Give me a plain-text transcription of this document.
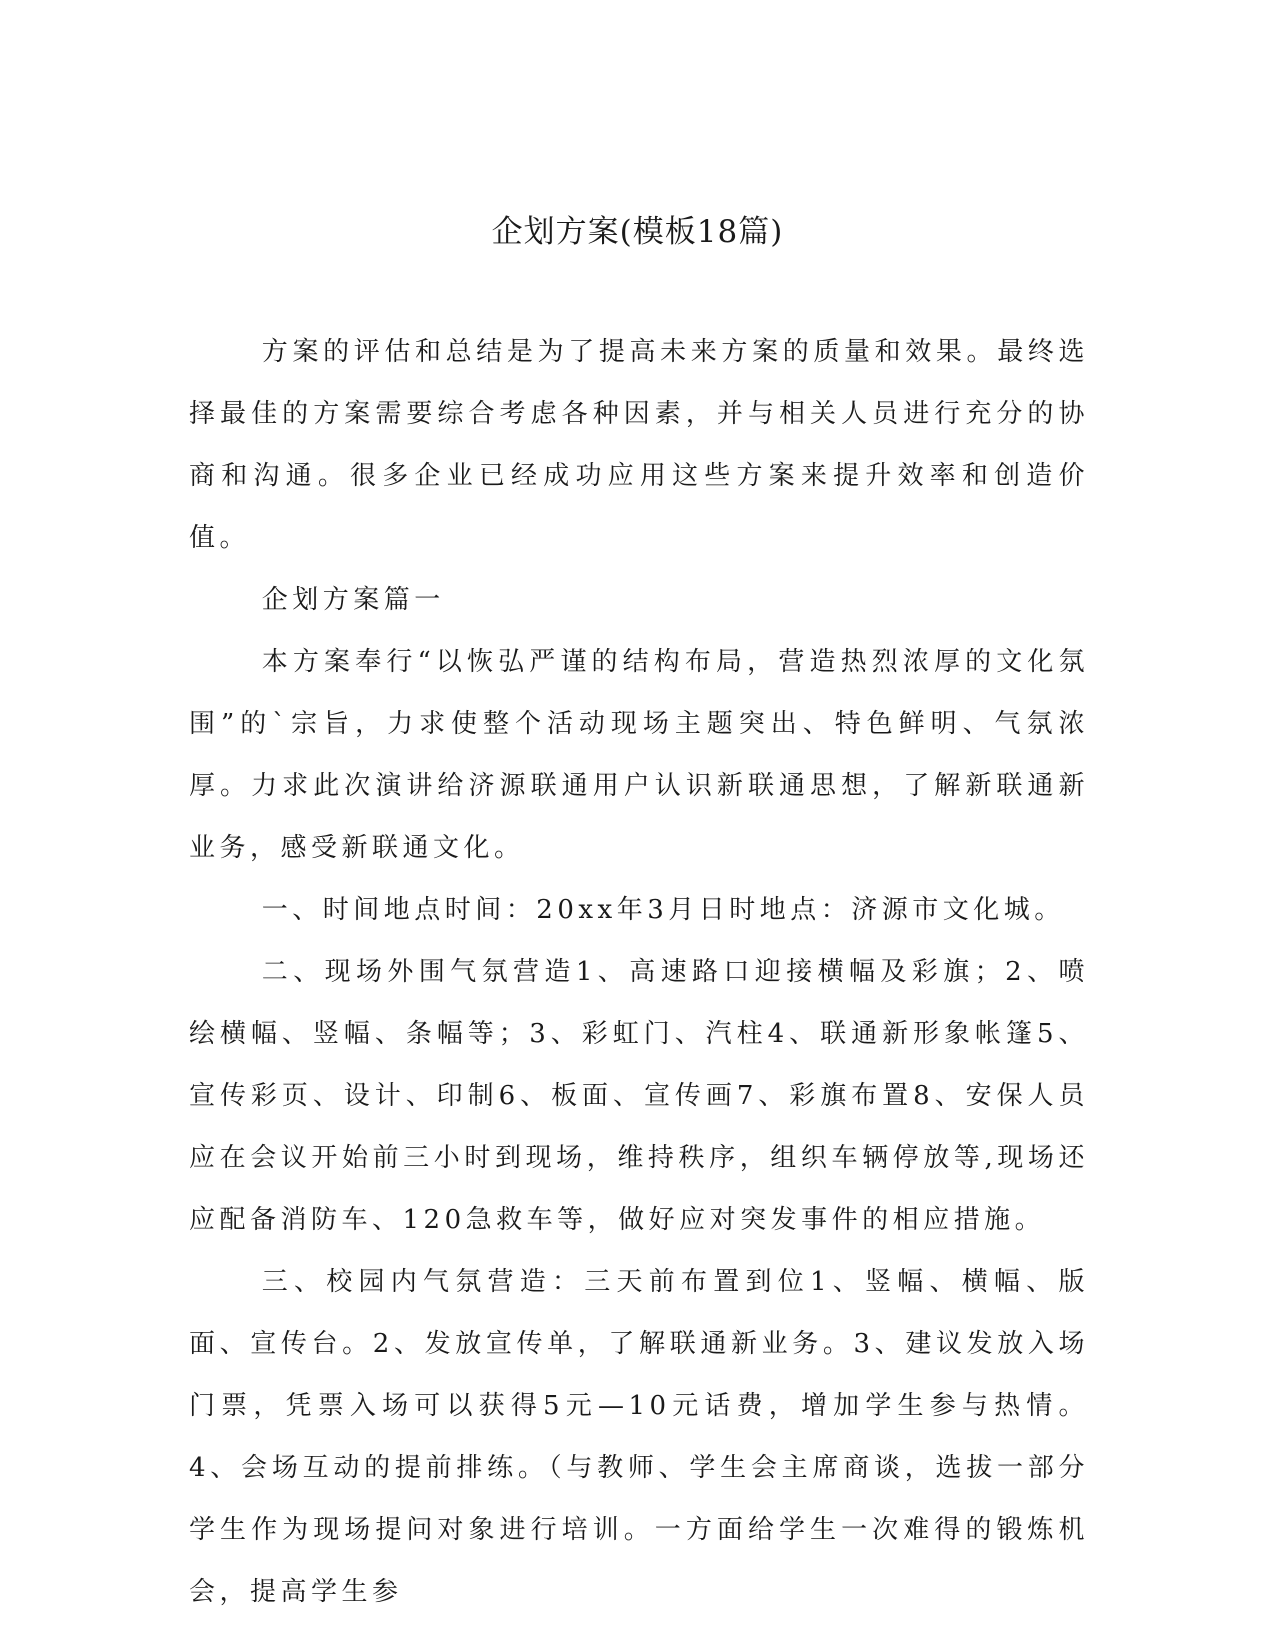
企划方案(模板18篇)

方案的评估和总结是为了提高未来方案的质量和效果。最终选择最佳的方案需要综合考虑各种因素，并与相关人员进行充分的协商和沟通。很多企业已经成功应用这些方案来提升效率和创造价值。

企划方案篇一

本方案奉行“以恢弘严谨的结构布局，营造热烈浓厚的文化氛围”的`宗旨，力求使整个活动现场主题突出、特色鲜明、气氛浓厚。力求此次演讲给济源联通用户认识新联通思想，了解新联通新业务，感受新联通文化。

一、时间地点时间：20xx年3月日时地点：济源市文化城。

二、现场外围气氛营造1、高速路口迎接横幅及彩旗；2、喷绘横幅、竖幅、条幅等；3、彩虹门、汽柱4、联通新形象帐篷5、宣传彩页、设计、印制6、板面、宣传画7、彩旗布置8、安保人员应在会议开始前三小时到现场，维持秩序，组织车辆停放等,现场还应配备消防车、120急救车等，做好应对突发事件的相应措施。

三、校园内气氛营造：三天前布置到位1、竖幅、横幅、版面、宣传台。2、发放宣传单，了解联通新业务。3、建议发放入场门票，凭票入场可以获得5元—10元话费，增加学生参与热情。4、会场互动的提前排练。（与教师、学生会主席商谈，选拔一部分学生作为现场提问对象进行培训。一方面给学生一次难得的锻炼机会，提高学生参
